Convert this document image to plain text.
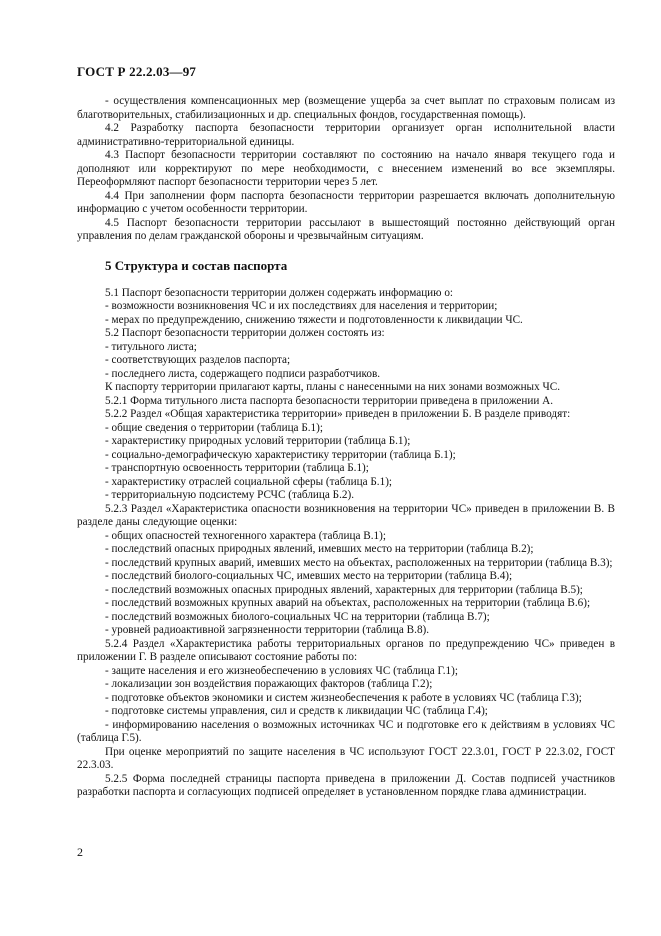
ГОСТ Р 22.2.03—97

- осуществления компенсационных мер (возмещение ущерба за счет выплат по страховым полисам из благотворительных, стабилизационных и др. специальных фондов, государственная помощь).

4.2 Разработку паспорта безопасности территории организует орган исполнительной власти административно-территориальной единицы.

4.3 Паспорт безопасности территории составляют по состоянию на начало января текущего года и дополняют или корректируют по мере необходимости, с внесением изменений во все экземпляры. Переоформляют паспорт безопасности территории через 5 лет.

4.4 При заполнении форм паспорта безопасности территории разрешается включать дополнительную информацию с учетом особенности территории.

4.5 Паспорт безопасности территории рассылают в вышестоящий постоянно действующий орган управления по делам гражданской обороны и чрезвычайным ситуациям.

5 Структура и состав паспорта

5.1 Паспорт безопасности территории должен содержать информацию о:

- возможности возникновения ЧС и их последствиях для населения и территории;

- мерах по предупреждению, снижению тяжести и подготовленности к ликвидации ЧС.

5.2 Паспорт безопасности территории должен состоять из:

- титульного листа;

- соответствующих разделов паспорта;

- последнего листа, содержащего подписи разработчиков.

К паспорту территории прилагают карты, планы с нанесенными на них зонами возможных ЧС.

5.2.1 Форма титульного листа паспорта безопасности территории приведена в приложении А.

5.2.2 Раздел «Общая характеристика территории» приведен в приложении Б. В разделе приводят:

- общие сведения о территории (таблица Б.1);

- характеристику природных условий территории (таблица Б.1);

- социально-демографическую характеристику территории (таблица Б.1);

- транспортную освоенность территории (таблица Б.1);

- характеристику отраслей социальной сферы (таблица Б.1);

- территориальную подсистему РСЧС (таблица Б.2).

5.2.3 Раздел «Характеристика опасности возникновения на территории ЧС» приведен в приложении В. В разделе даны следующие оценки:

- общих опасностей техногенного характера (таблица В.1);

- последствий опасных природных явлений, имевших место на территории (таблица В.2);

- последствий крупных аварий, имевших место на объектах, расположенных на территории (таблица В.3);

- последствий биолого-социальных ЧС, имевших место на территории (таблица В.4);

- последствий возможных опасных природных явлений, характерных для территории (таблица В.5);

- последствий возможных крупных аварий на объектах, расположенных на территории (таблица В.6);

- последствий возможных биолого-социальных ЧС на территории (таблица В.7);

- уровней радиоактивной загрязненности территории (таблица В.8).

5.2.4 Раздел «Характеристика работы территориальных органов по предупреждению ЧС» приведен в приложении Г. В разделе описывают состояние работы по:

- защите населения и его жизнеобеспечению в условиях ЧС (таблица Г.1);

- локализации зон воздействия поражающих факторов (таблица Г.2);

- подготовке объектов экономики и систем жизнеобеспечения к работе в условиях ЧС (таблица Г.3);

- подготовке системы управления, сил и средств к ликвидации ЧС (таблица Г.4);

- информированию населения о возможных источниках ЧС и подготовке его к действиям в условиях ЧС (таблица Г.5).

При оценке мероприятий по защите населения в ЧС используют ГОСТ 22.3.01, ГОСТ Р 22.3.02, ГОСТ 22.3.03.

5.2.5 Форма последней страницы паспорта приведена в приложении Д. Состав подписей участников разработки паспорта и согласующих подписей определяет в установленном порядке глава администрации.

2
